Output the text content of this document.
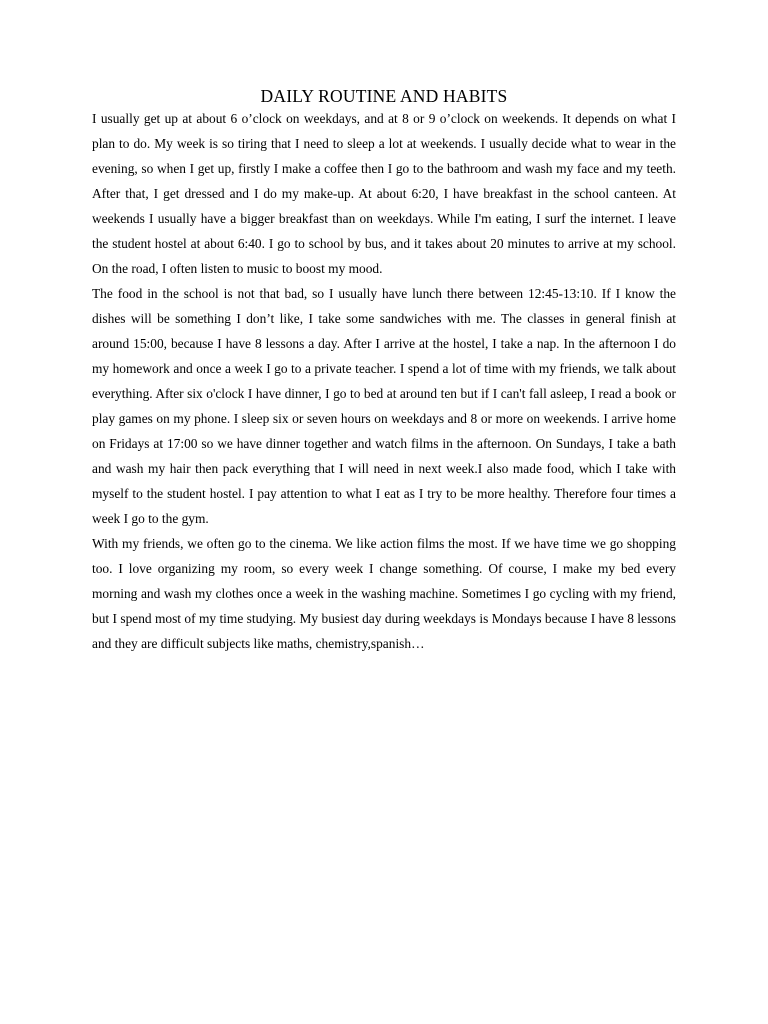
DAILY ROUTINE AND HABITS

I usually get up at about 6 o’clock on weekdays, and at 8 or 9 o’clock on weekends. It depends on what I plan to do. My week is so tiring that I need to sleep a lot at weekends. I usually decide what to wear in the evening, so when I get up, firstly I make a coffee then I go to the bathroom and wash my face and my teeth. After that, I get dressed and I do my make-up. At about 6:20, I have breakfast in the school canteen. At weekends I usually have a bigger breakfast than on weekdays. While I'm eating, I surf the internet. I leave the student hostel at about 6:40. I go to school by bus, and it takes about 20 minutes to arrive at my school. On the road, I often listen to music to boost my mood.

The food in the school is not that bad, so I usually have lunch there between 12:45-13:10. If I know the dishes will be something I don’t like, I take some sandwiches with me. The classes in general finish at around 15:00, because I have 8 lessons a day. After I arrive at the hostel, I take a nap. In the afternoon I do my homework and once a week I go to a private teacher. I spend a lot of time with my friends, we talk about everything. After six o'clock I have dinner, I go to bed at around ten but if I can't fall asleep, I read a book or play games on my phone. I sleep six or seven hours on weekdays and 8 or more on weekends. I arrive home on Fridays at 17:00 so we have dinner together and watch films in the afternoon. On Sundays, I take a bath and wash my hair then pack everything that I will need in next week.I also made food, which I take with myself to the student hostel. I pay attention to what I eat as I try to be more healthy. Therefore four times a week I go to the gym.

With my friends, we often go to the cinema. We like action films the most. If we have time we go shopping too. I love organizing my room, so every week I change something. Of course, I make my bed every morning and wash my clothes once a week in the washing machine. Sometimes I go cycling with my friend, but I spend most of my time studying. My busiest day during weekdays is Mondays because I have 8 lessons and they are difficult subjects like maths, chemistry,spanish…
